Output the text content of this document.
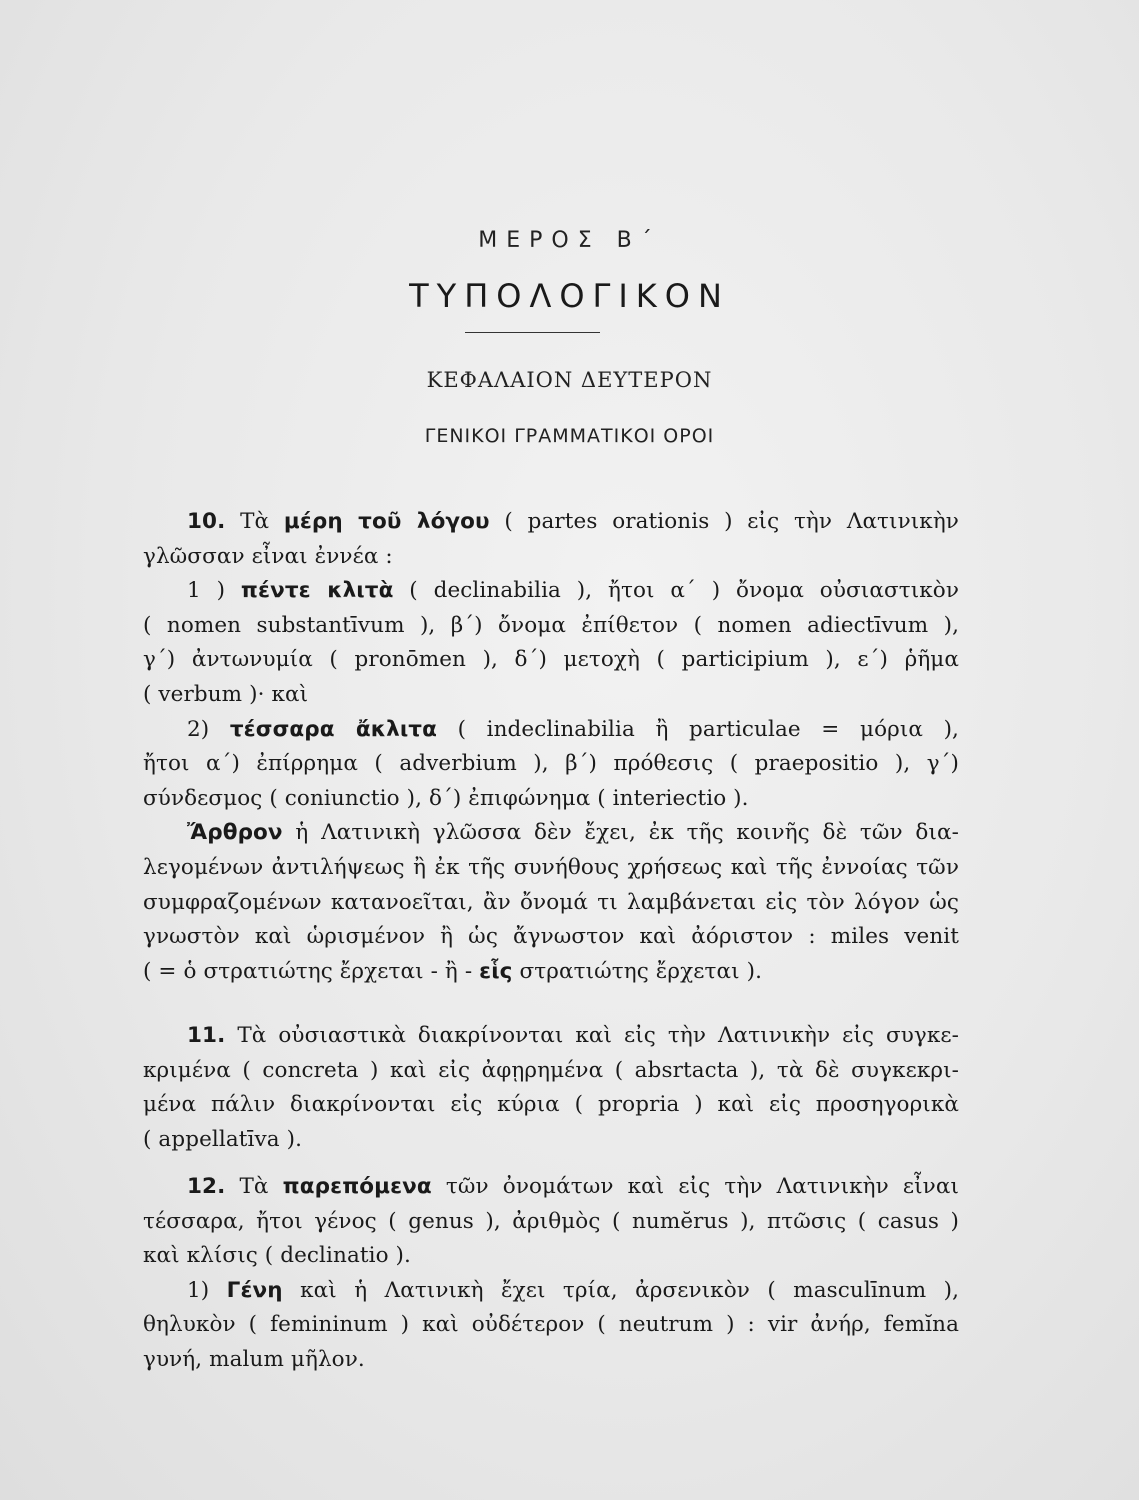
ΜΕΡΟΣ Β΄
ΤΥΠΟΛΟΓΙΚΟΝ
ΚΕΦΑΛΑΙΟΝ ΔΕΥΤΕΡΟΝ
ΓΕΝΙΚΟΙ ΓΡΑΜΜΑΤΙΚΟΙ ΟΡΟΙ
10. Τὰ μέρη τοῦ λόγου ( partes orationis ) εἰς τὴν Λατινικὴν
γλῶσσαν εἶναι ἐννέα :
1 ) πέντε κλιτὰ ( declinabilia ), ἤτοι α΄ ) ὄνομα οὐσιαστικὸν
( nomen substantīvum ), β΄) ὄνομα ἐπίθετον ( nomen adiectīvum ),
γ΄) ἀντωνυμία ( pronōmen ), δ΄) μετοχὴ ( participium ), ε΄) ῥῆμα
( verbum )· καὶ
2) τέσσαρα ἄκλιτα ( indeclinabilia ἢ particulae = μόρια ),
ἤτοι α΄) ἐπίρρημα ( adverbium ), β΄) πρόθεσις ( praepositio ), γ΄)
σύνδεσμος ( coniunctio ), δ΄) ἐπιφώνημα ( interiectio ).
Ἄρθρον ἡ Λατινικὴ γλῶσσα δὲν ἔχει, ἐκ τῆς κοινῆς δὲ τῶν δια-
λεγομένων ἀντιλήψεως ἢ ἐκ τῆς συνήθους χρήσεως καὶ τῆς ἐννοίας τῶν
συμφραζομένων κατανοεῖται, ἂν ὄνομά τι λαμβάνεται εἰς τὸν λόγον ὡς
γνωστὸν καὶ ὡρισμένον ἢ ὡς ἄγνωστον καὶ ἀόριστον : miles venit
( = ὁ στρατιώτης ἔρχεται - ἢ - εἷς στρατιώτης ἔρχεται ).
11. Τὰ οὐσιαστικὰ διακρίνονται καὶ εἰς τὴν Λατινικὴν εἰς συγκε-
κριμένα ( concreta ) καὶ εἰς ἀφῃρημένα ( absrtacta ), τὰ δὲ συγκεκρι-
μένα πάλιν διακρίνονται εἰς κύρια ( propria ) καὶ εἰς προσηγορικὰ
( appellatīva ).
12. Τὰ παρεπόμενα τῶν ὀνομάτων καὶ εἰς τὴν Λατινικὴν εἶναι
τέσσαρα, ἤτοι γένος ( genus ), ἀριθμὸς ( numĕrus ), πτῶσις ( casus )
καὶ κλίσις ( declinatio ).
1) Γένη καὶ ἡ Λατινικὴ ἔχει τρία, ἀρσενικὸν ( masculīnum ),
θηλυκὸν ( femininum ) καὶ οὐδέτερον ( neutrum ) : vir ἀνήρ, femĭna
γυνή, malum μῆλον.
